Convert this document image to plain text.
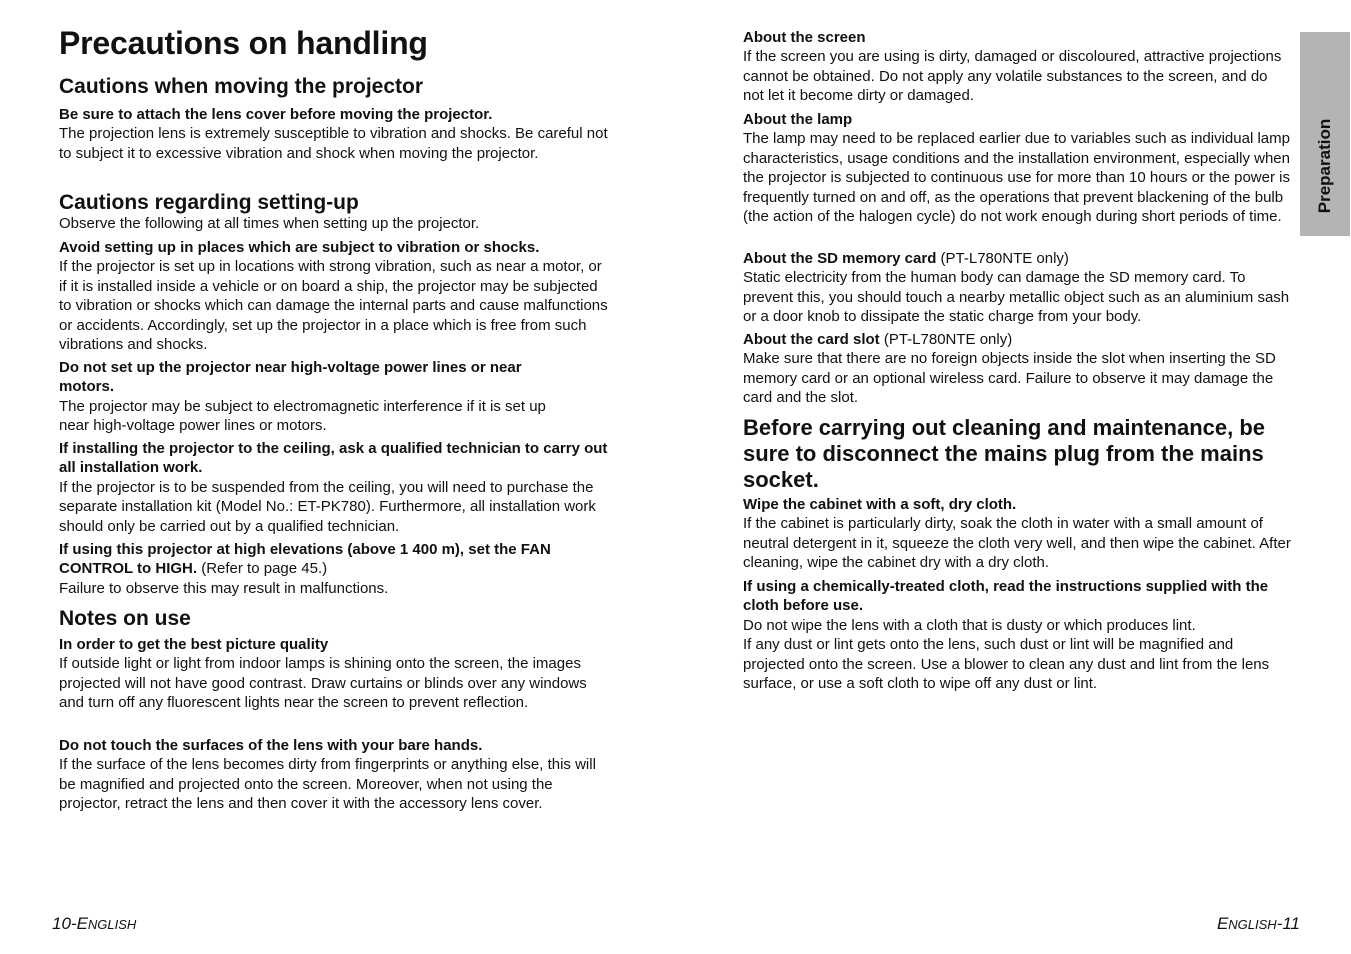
Precautions on handling
Cautions when moving the projector
Be sure to attach the lens cover before moving the projector.
The projection lens is extremely susceptible to vibration and shocks. Be careful not to subject it to excessive vibration and shock when moving the projector.
Cautions regarding setting-up
Observe the following at all times when setting up the projector.
Avoid setting up in places which are subject to vibration or shocks.
If the projector is set up in locations with strong vibration, such as near a motor, or if it is installed inside a vehicle or on board a ship, the projector may be subjected to vibration or shocks which can damage the internal parts and cause malfunctions or accidents. Accordingly, set up the projector in a place which is free from such vibrations and shocks.
Do not set up the projector near high-voltage power lines or near motors.
The projector may be subject to electromagnetic interference if it is set up near high-voltage power lines or motors.
If installing the projector to the ceiling, ask a qualified technician to carry out all installation work.
If the projector is to be suspended from the ceiling, you will need to purchase the separate installation kit (Model No.: ET-PK780). Furthermore, all installation work should only be carried out by a qualified technician.
If using this projector at high elevations (above 1 400 m), set the FAN CONTROL to HIGH. (Refer to page 45.)
Failure to observe this may result in malfunctions.
Notes on use
In order to get the best picture quality
If outside light or light from indoor lamps is shining onto the screen, the images projected will not have good contrast. Draw curtains or blinds over any windows and turn off any fluorescent lights near the screen to prevent reflection.
Do not touch the surfaces of the lens with your bare hands.
If the surface of the lens becomes dirty from fingerprints or anything else, this will be magnified and projected onto the screen. Moreover, when not using the projector, retract the lens and then cover it with the accessory lens cover.
10-ENGLISH
About the screen
If the screen you are using is dirty, damaged or discoloured, attractive projections cannot be obtained. Do not apply any volatile substances to the screen, and do not let it become dirty or damaged.
About the lamp
The lamp may need to be replaced earlier due to variables such as individual lamp characteristics, usage conditions and the installation environment, especially when the projector is subjected to continuous use for more than 10 hours or the power is frequently turned on and off, as the operations that prevent blackening of the bulb (the action of the halogen cycle) do not work enough during short periods of time.
About the SD memory card (PT-L780NTE only)
Static electricity from the human body can damage the SD memory card. To prevent this, you should touch a nearby metallic object such as an aluminium sash or a door knob to dissipate the static charge from your body.
About the card slot (PT-L780NTE only)
Make sure that there are no foreign objects inside the slot when inserting the SD memory card or an optional wireless card. Failure to observe it may damage the card and the slot.
Before carrying out cleaning and maintenance, be sure to disconnect the mains plug from the mains socket.
Wipe the cabinet with a soft, dry cloth.
If the cabinet is particularly dirty, soak the cloth in water with a small amount of neutral detergent in it, squeeze the cloth very well, and then wipe the cabinet. After cleaning, wipe the cabinet dry with a dry cloth.
If using a chemically-treated cloth, read the instructions supplied with the cloth before use.
Do not wipe the lens with a cloth that is dusty or which produces lint.
If any dust or lint gets onto the lens, such dust or lint will be magnified and projected onto the screen. Use a blower to clean any dust and lint from the lens surface, or use a soft cloth to wipe off any dust or lint.
ENGLISH-11
Preparation
